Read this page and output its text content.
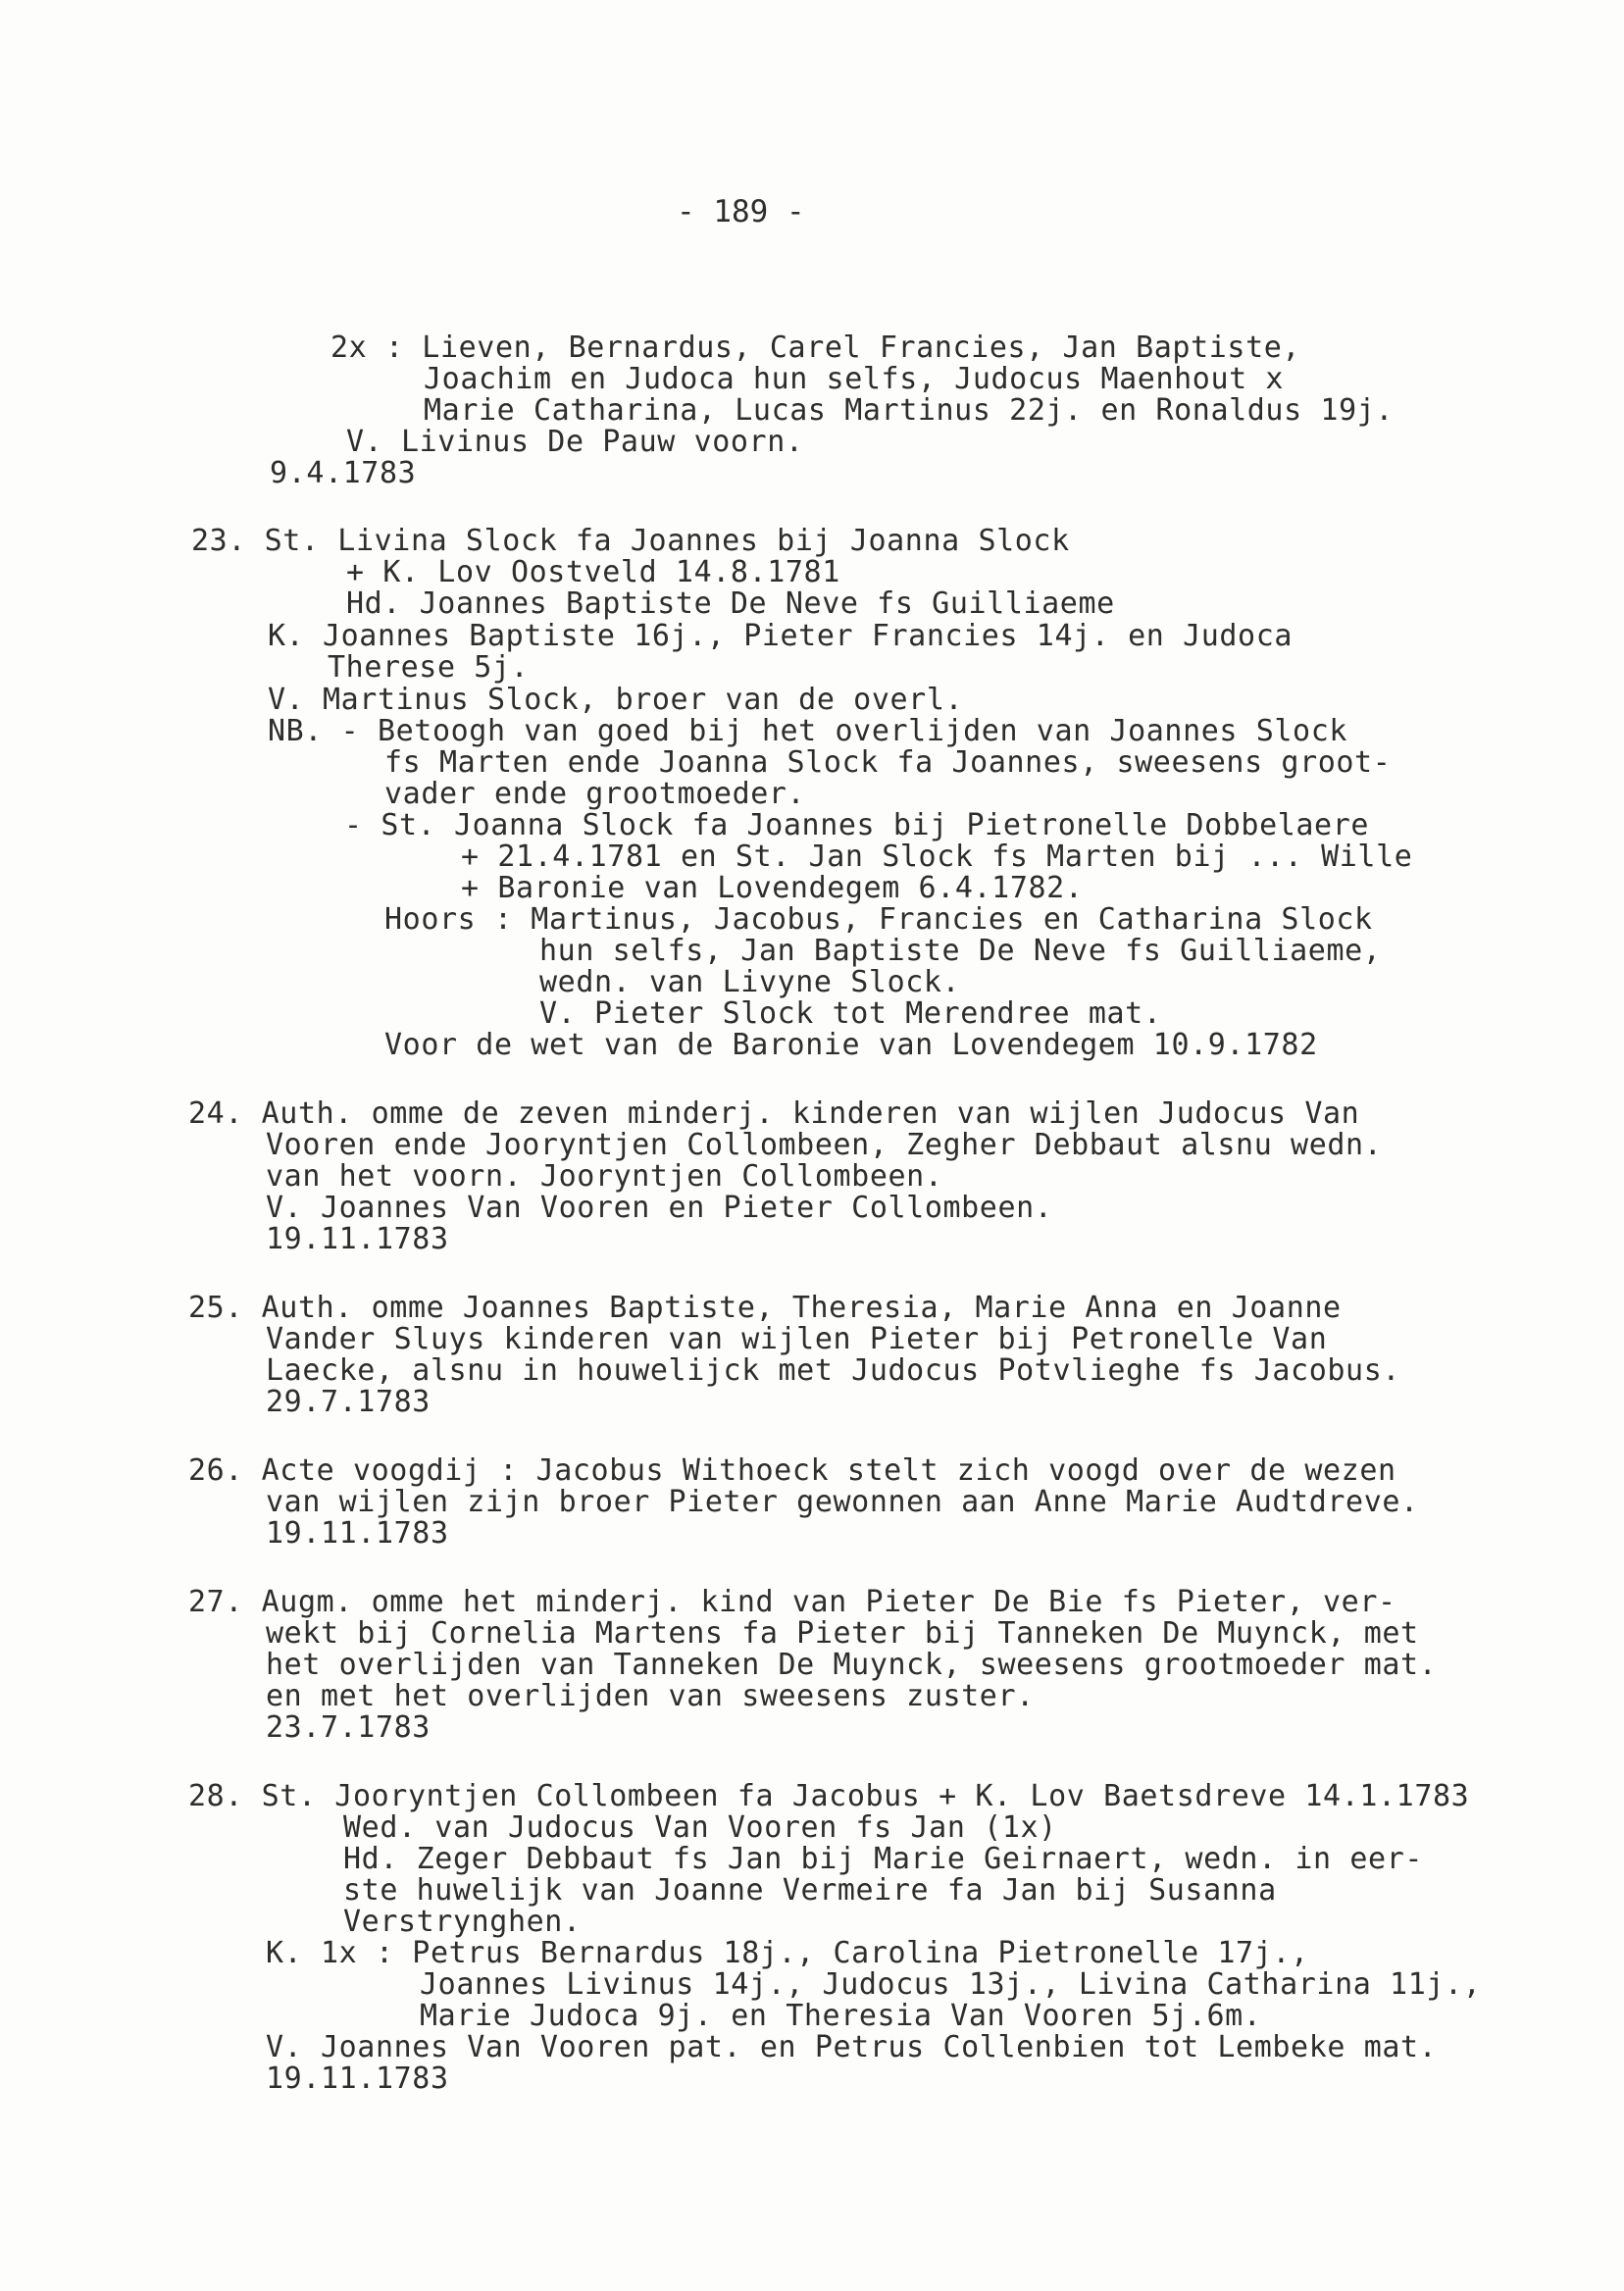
- 189 -
2x : Lieven, Bernardus, Carel Francies, Jan Baptiste,
Joachim en Judoca hun selfs, Judocus Maenhout x
Marie Catharina, Lucas Martinus 22j. en Ronaldus 19j.
V. Livinus De Pauw voorn.
9.4.1783
23. St. Livina Slock fa Joannes bij Joanna Slock
+ K. Lov Oostveld 14.8.1781
Hd. Joannes Baptiste De Neve fs Guilliaeme
K. Joannes Baptiste 16j., Pieter Francies 14j. en Judoca
Therese 5j.
V. Martinus Slock, broer van de overl.
NB. - Betoogh van goed bij het overlijden van Joannes Slock
fs Marten ende Joanna Slock fa Joannes, sweesens groot-
vader ende grootmoeder.
- St. Joanna Slock fa Joannes bij Pietronelle Dobbelaere
+ 21.4.1781 en St. Jan Slock fs Marten bij ... Wille
+ Baronie van Lovendegem 6.4.1782.
Hoors : Martinus, Jacobus, Francies en Catharina Slock
hun selfs, Jan Baptiste De Neve fs Guilliaeme,
wedn. van Livyne Slock.
V. Pieter Slock tot Merendree mat.
Voor de wet van de Baronie van Lovendegem 10.9.1782
24. Auth. omme de zeven minderj. kinderen van wijlen Judocus Van
Vooren ende Jooryntjen Collombeen, Zegher Debbaut alsnu wedn.
van het voorn. Jooryntjen Collombeen.
V. Joannes Van Vooren en Pieter Collombeen.
19.11.1783
25. Auth. omme Joannes Baptiste, Theresia, Marie Anna en Joanne
Vander Sluys kinderen van wijlen Pieter bij Petronelle Van
Laecke, alsnu in houwelijck met Judocus Potvlieghe fs Jacobus.
29.7.1783
26. Acte voogdij : Jacobus Withoeck stelt zich voogd over de wezen
van wijlen zijn broer Pieter gewonnen aan Anne Marie Audtdreve.
19.11.1783
27. Augm. omme het minderj. kind van Pieter De Bie fs Pieter, ver-
wekt bij Cornelia Martens fa Pieter bij Tanneken De Muynck, met
het overlijden van Tanneken De Muynck, sweesens grootmoeder mat.
en met het overlijden van sweesens zuster.
23.7.1783
28. St. Jooryntjen Collombeen fa Jacobus + K. Lov Baetsdreve 14.1.1783
Wed. van Judocus Van Vooren fs Jan (1x)
Hd. Zeger Debbaut fs Jan bij Marie Geirnaert, wedn. in eer-
ste huwelijk van Joanne Vermeire fa Jan bij Susanna
Verstrynghen.
K. 1x : Petrus Bernardus 18j., Carolina Pietronelle 17j.,
Joannes Livinus 14j., Judocus 13j., Livina Catharina 11j.,
Marie Judoca 9j. en Theresia Van Vooren 5j.6m.
V. Joannes Van Vooren pat. en Petrus Collenbien tot Lembeke mat.
19.11.1783
